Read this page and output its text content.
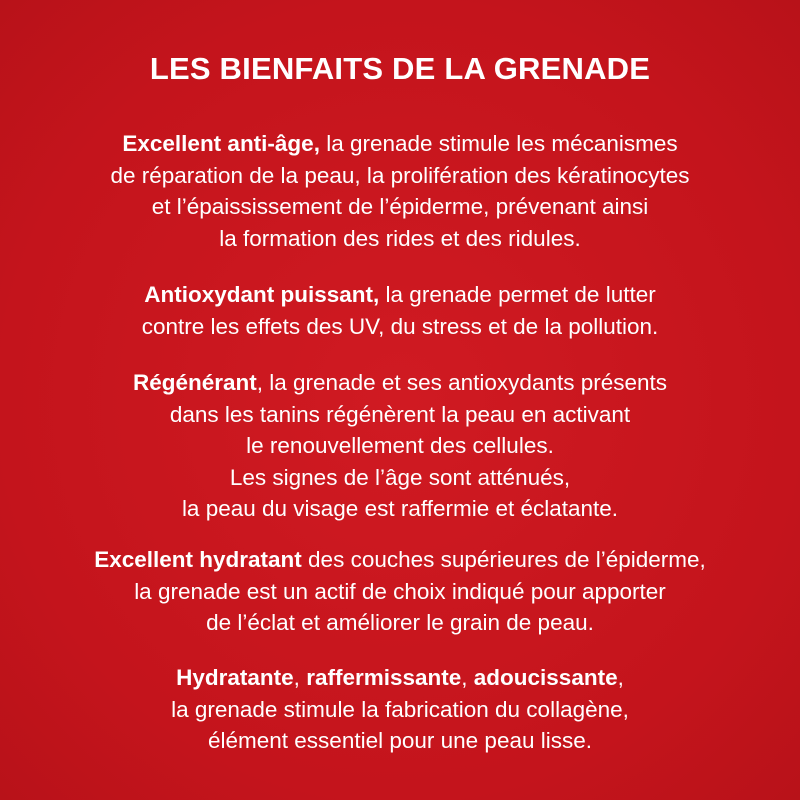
LES BIENFAITS DE LA GRENADE

Excellent anti-âge, la grenade stimule les mécanismes
de réparation de la peau, la prolifération des kératinocytes
et l’épaississement de l’épiderme, prévenant ainsi
la formation des rides et des ridules.

Antioxydant puissant, la grenade permet de lutter
contre les effets des UV, du stress et de la pollution.

Régénérant, la grenade et ses antioxydants présents
dans les tanins régénèrent la peau en activant
le renouvellement des cellules.
Les signes de l’âge sont atténués,
la peau du visage est raffermie et éclatante.

Excellent hydratant des couches supérieures de l’épiderme,
la grenade est un actif de choix indiqué pour apporter
de l’éclat et améliorer le grain de peau.

Hydratante, raffermissante, adoucissante,
la grenade stimule la fabrication du collagène,
élément essentiel pour une peau lisse.
